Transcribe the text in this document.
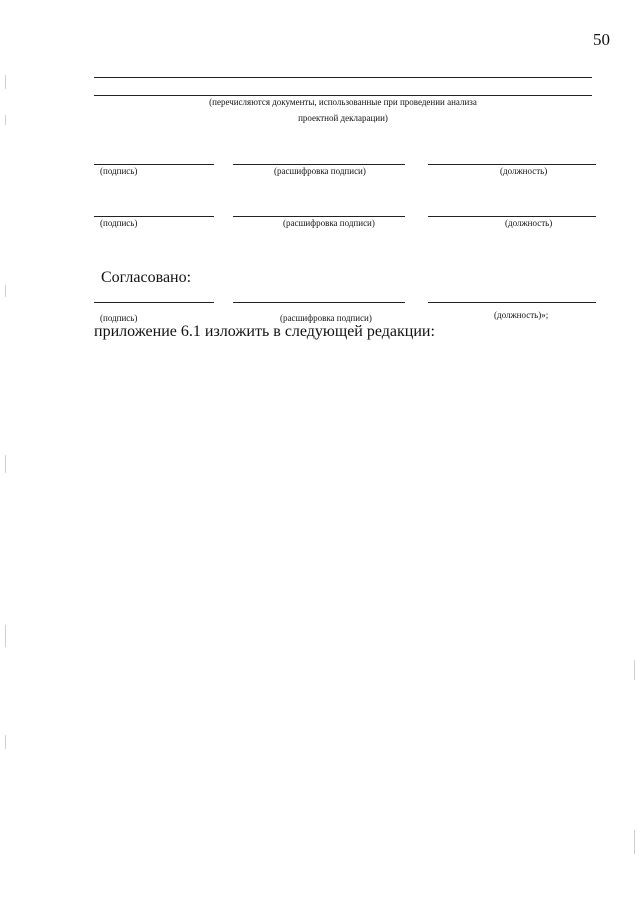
50
(перечисляются документы, использованные при проведении анализа
проектной декларации)
(подпись)	(расшифровка подписи)	(должность)
(подпись)	(расшифровка подписи)	(должность)
Согласовано:
(подпись)	(расшифровка подписи)	(должность)»;
приложение 6.1 изложить в следующей редакции:
